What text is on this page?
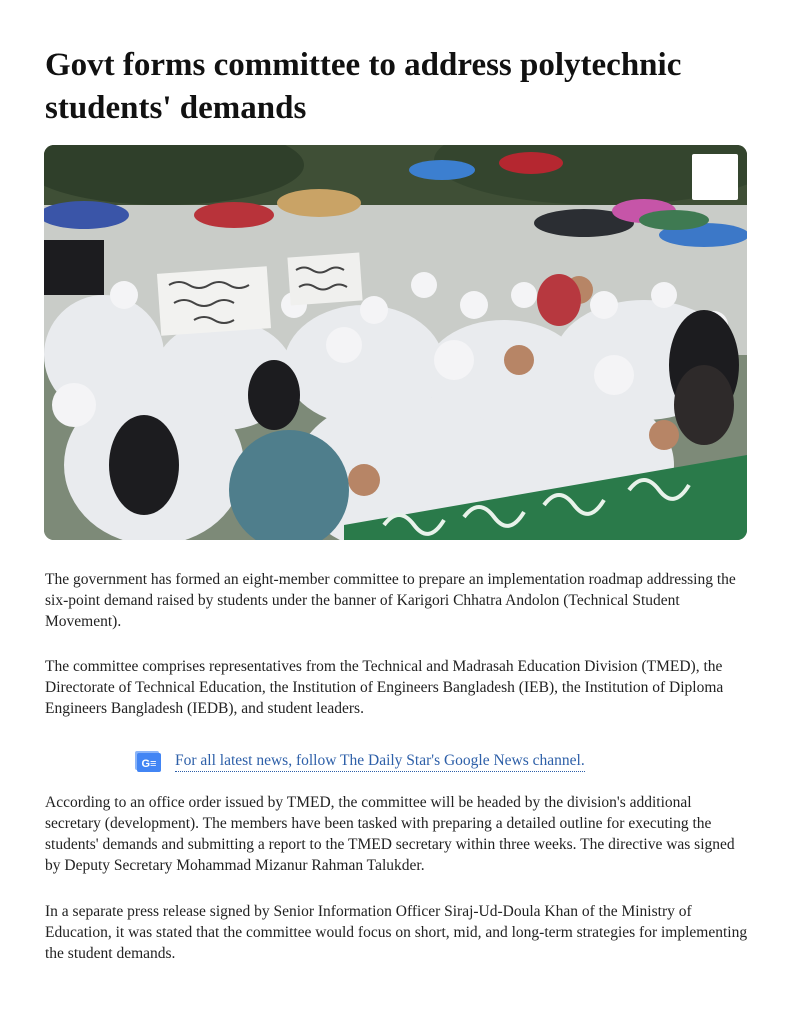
Govt forms committee to address polytechnic students' demands

The government has formed an eight-member committee to prepare an implementation roadmap addressing the six-point demand raised by students under the banner of Karigori Chhatra Andolon (Technical Student Movement).

The committee comprises representatives from the Technical and Madrasah Education Division (TMED), the Directorate of Technical Education, the Institution of Engineers Bangladesh (IEB), the Institution of Diploma Engineers Bangladesh (IEDB), and student leaders.

G≡ For all latest news, follow The Daily Star's Google News channel.

According to an office order issued by TMED, the committee will be headed by the division's additional secretary (development). The members have been tasked with preparing a detailed outline for executing the students' demands and submitting a report to the TMED secretary within three weeks. The directive was signed by Deputy Secretary Mohammad Mizanur Rahman Talukder.

In a separate press release signed by Senior Information Officer Siraj-Ud-Doula Khan of the Ministry of Education, it was stated that the committee would focus on short, mid, and long-term strategies for implementing the student demands.
